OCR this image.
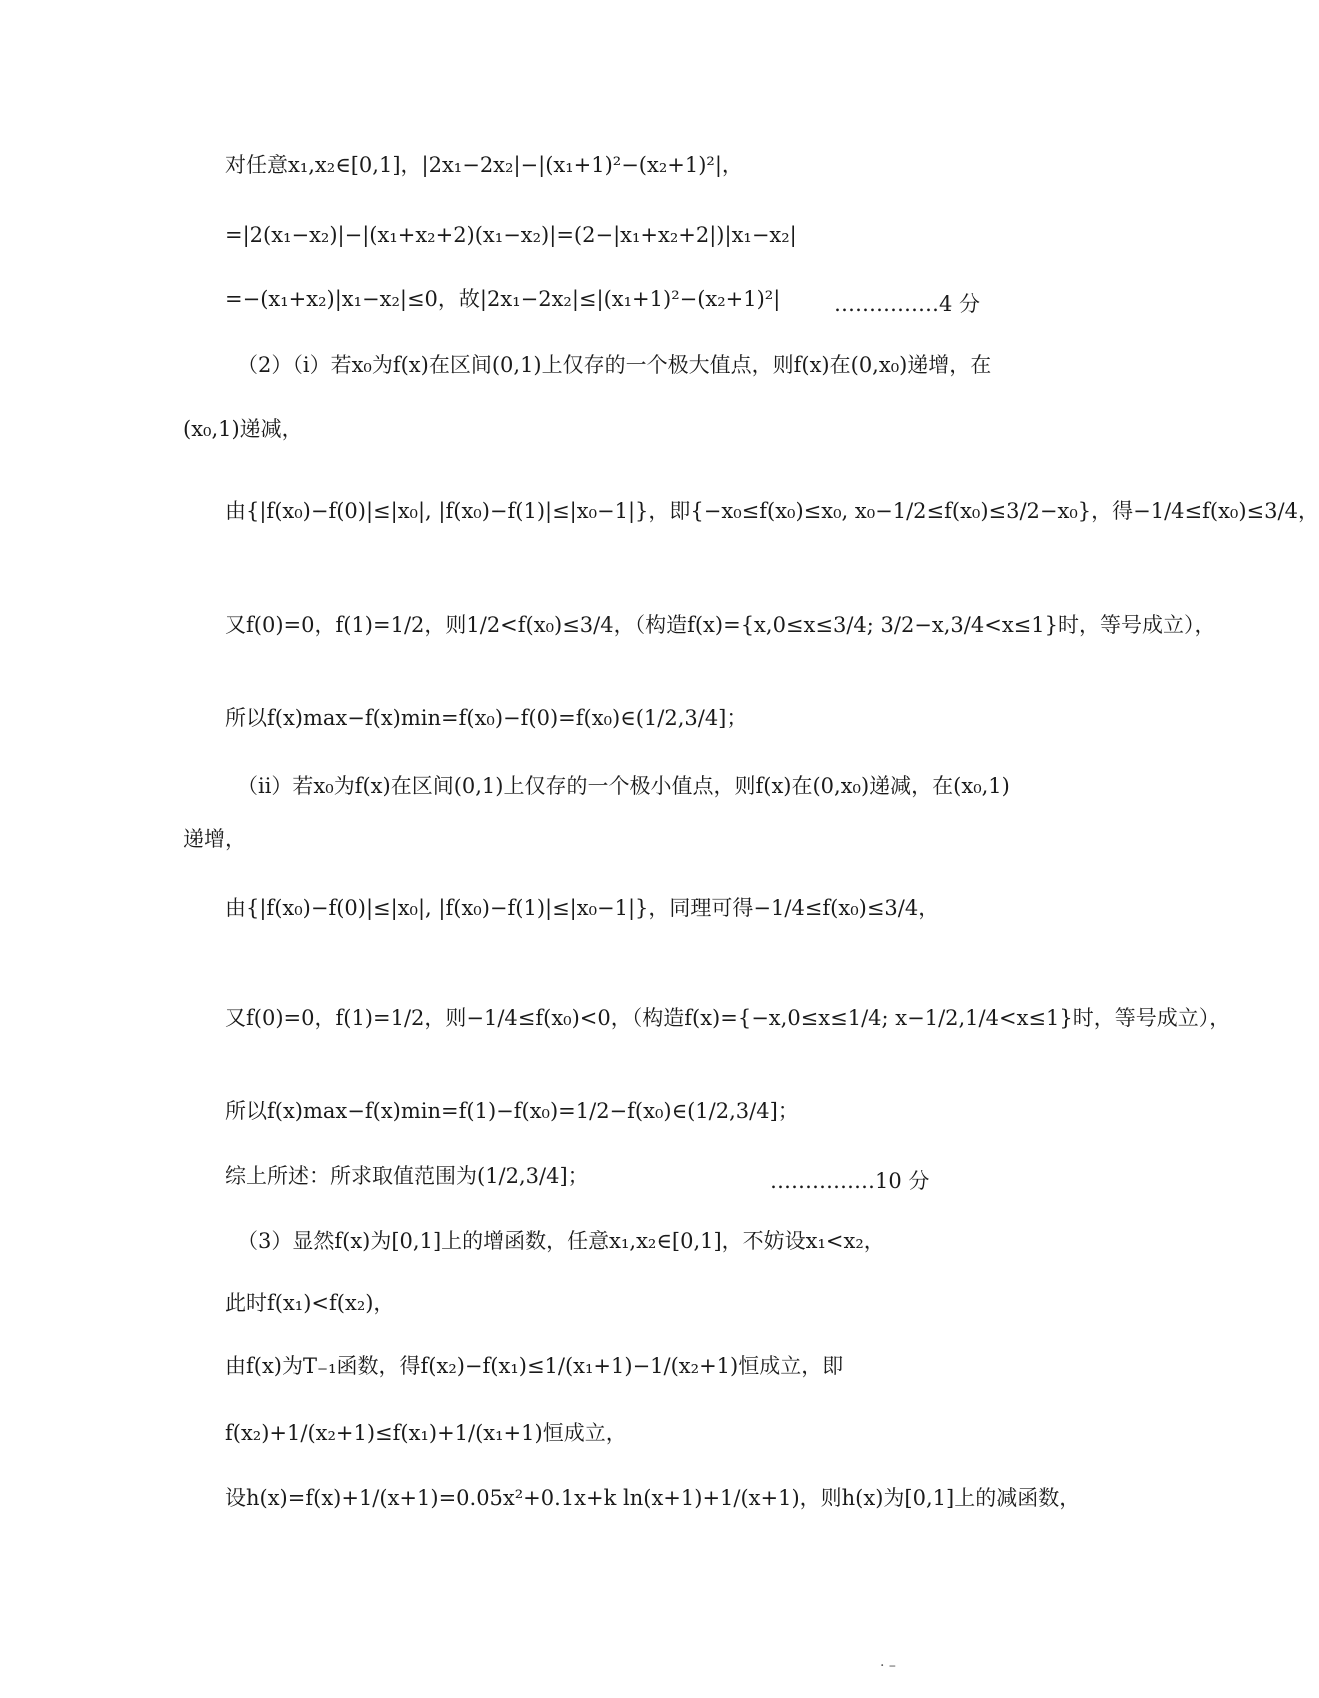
对任意x₁,x₂∈[0,1]，|2x₁−2x₂|−|(x₁+1)²−(x₂+1)²|，
=|2(x₁−x₂)|−|(x₁+x₂+2)(x₁−x₂)|=(2−|x₁+x₂+2|)|x₁−x₂|
=−(x₁+x₂)|x₁−x₂|≤0，故|2x₁−2x₂|≤|(x₁+1)²−(x₂+1)²|	……………4 分
（2）（ⅰ）若x₀为f(x)在区间(0,1)上仅存的一个极大值点，则f(x)在(0,x₀)递增，在
(x₀,1)递减，
由{|f(x₀)−f(0)|≤|x₀|, |f(x₀)−f(1)|≤|x₀−1|}，即{−x₀≤f(x₀)≤x₀, x₀−1/2≤f(x₀)≤3/2−x₀}，得−1/4≤f(x₀)≤3/4，
又f(0)=0，f(1)=1/2，则1/2<f(x₀)≤3/4，（构造f(x)={x,0≤x≤3/4; 3/2−x,3/4<x≤1}时，等号成立），
所以f(x)max−f(x)min=f(x₀)−f(0)=f(x₀)∈(1/2,3/4]；
（ⅱ）若x₀为f(x)在区间(0,1)上仅存的一个极小值点，则f(x)在(0,x₀)递减，在(x₀,1)
递增，
由{|f(x₀)−f(0)|≤|x₀|, |f(x₀)−f(1)|≤|x₀−1|}，同理可得−1/4≤f(x₀)≤3/4，
又f(0)=0，f(1)=1/2，则−1/4≤f(x₀)<0，（构造f(x)={−x,0≤x≤1/4; x−1/2,1/4<x≤1}时，等号成立），
所以f(x)max−f(x)min=f(1)−f(x₀)=1/2−f(x₀)∈(1/2,3/4]；
综上所述：所求取值范围为(1/2,3/4]；	……………10 分
（3）显然f(x)为[0,1]上的增函数，任意x₁,x₂∈[0,1]，不妨设x₁<x₂，
此时f(x₁)<f(x₂)，
由f(x)为T₋₁函数，得f(x₂)−f(x₁)≤1/(x₁+1)−1/(x₂+1)恒成立，即
f(x₂)+1/(x₂+1)≤f(x₁)+1/(x₁+1)恒成立，
设h(x)=f(x)+1/(x+1)=0.05x²+0.1x+k ln(x+1)+1/(x+1)，则h(x)为[0,1]上的减函数，
· –
